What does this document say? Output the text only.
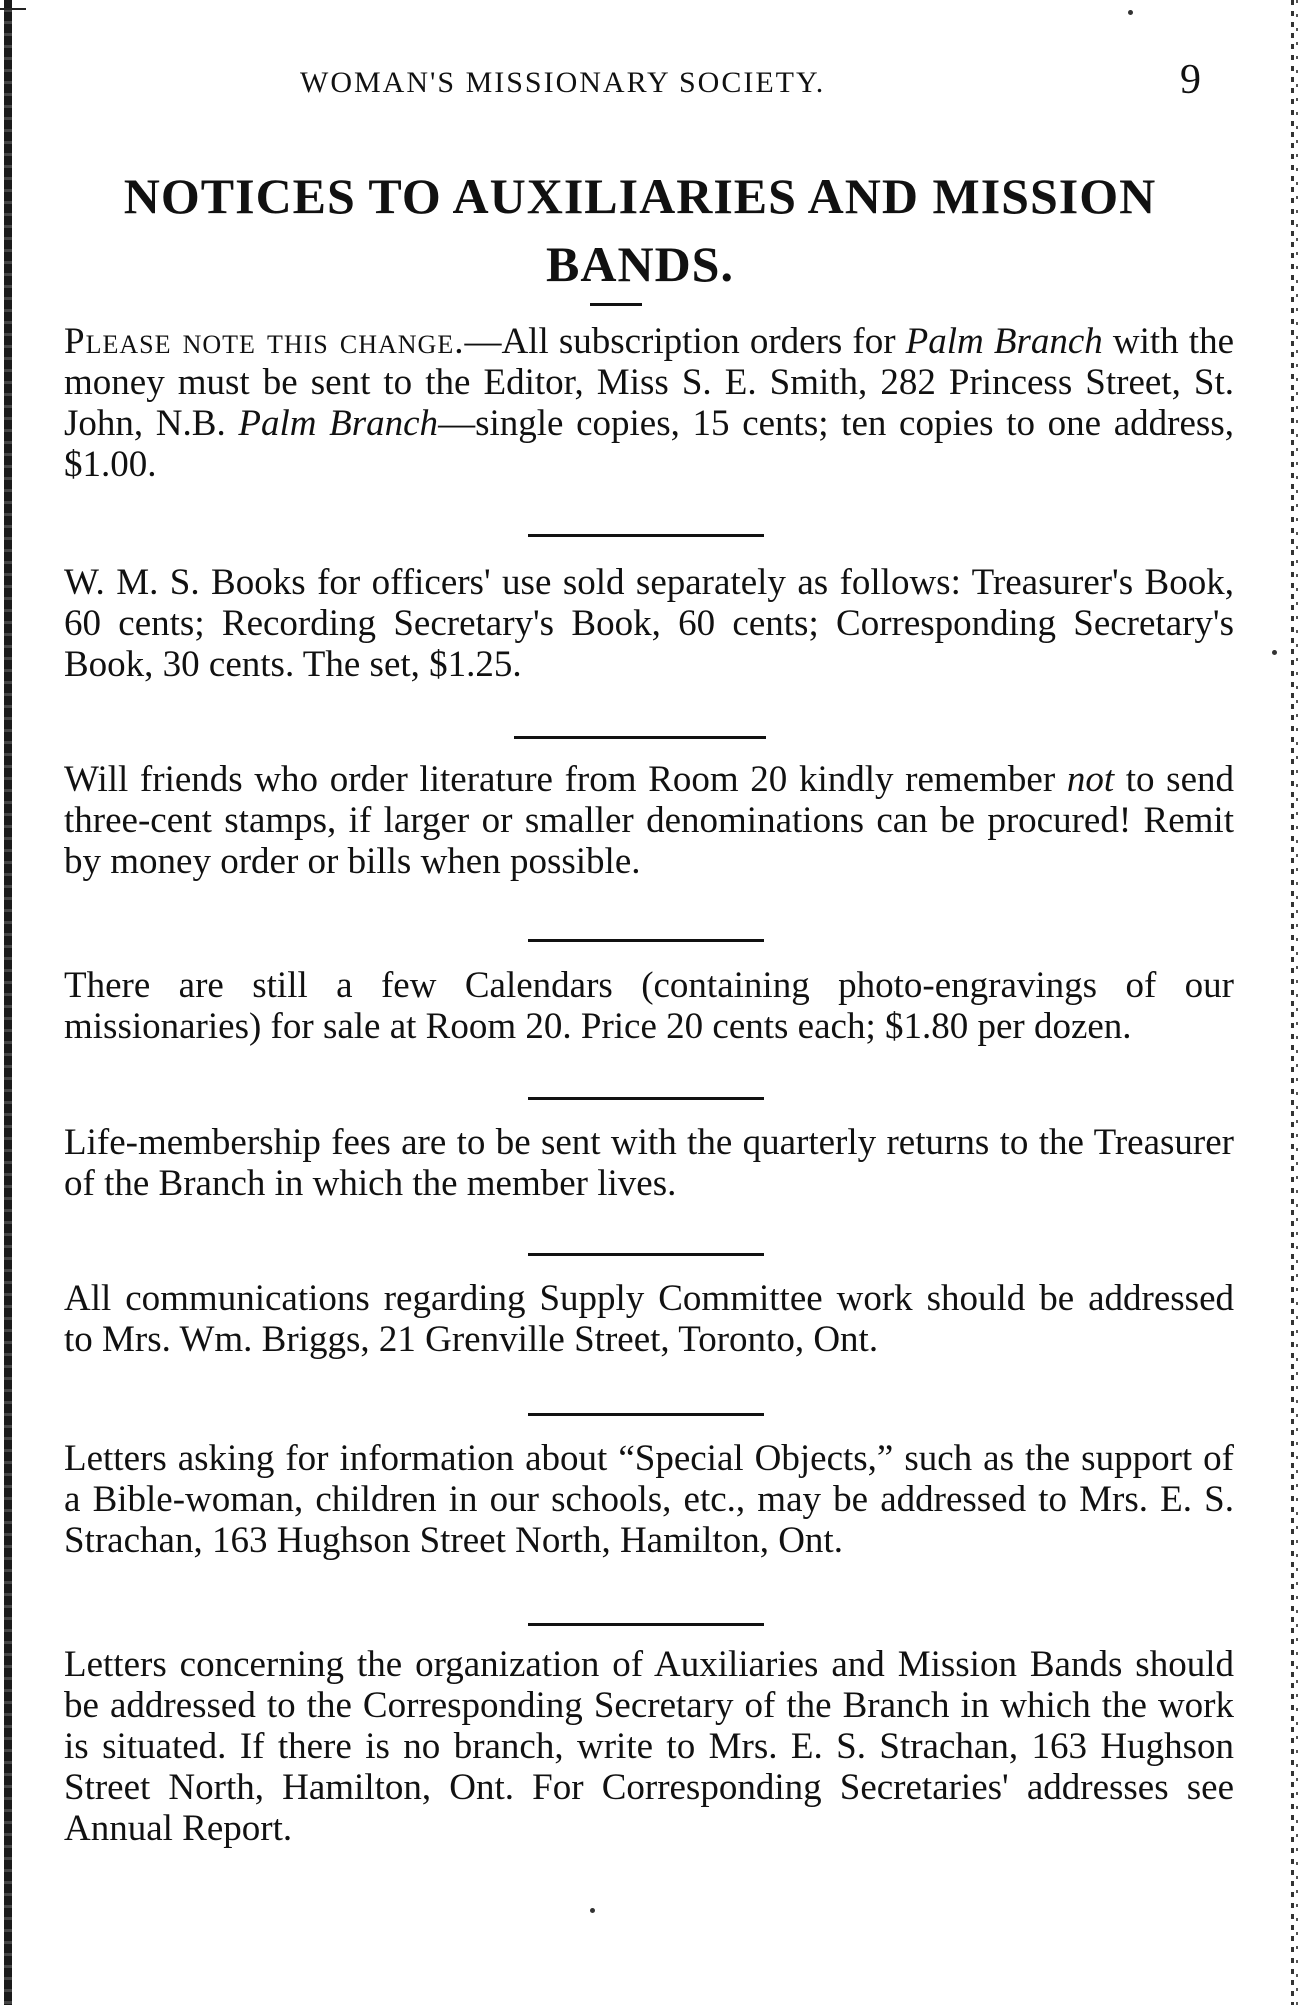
WOMAN'S MISSIONARY SOCIETY.	9
NOTICES TO AUXILIARIES AND MISSION BANDS.
Please note this change.—All subscription orders for Palm Branch with the money must be sent to the Editor, Miss S. E. Smith, 282 Princess Street, St. John, N.B. Palm Branch—single copies, 15 cents; ten copies to one address, $1.00.
W. M. S. Books for officers' use sold separately as follows: Treasurer's Book, 60 cents; Recording Secretary's Book, 60 cents; Corresponding Secretary's Book, 30 cents. The set, $1.25.
Will friends who order literature from Room 20 kindly remember not to send three-cent stamps, if larger or smaller denominations can be procured! Remit by money order or bills when possible.
There are still a few Calendars (containing photo-engravings of our missionaries) for sale at Room 20. Price 20 cents each; $1.80 per dozen.
Life-membership fees are to be sent with the quarterly returns to the Treasurer of the Branch in which the member lives.
All communications regarding Supply Committee work should be addressed to Mrs. Wm. Briggs, 21 Grenville Street, Toronto, Ont.
Letters asking for information about “Special Objects,” such as the support of a Bible-woman, children in our schools, etc., may be addressed to Mrs. E. S. Strachan, 163 Hughson Street North, Hamilton, Ont.
Letters concerning the organization of Auxiliaries and Mission Bands should be addressed to the Corresponding Secretary of the Branch in which the work is situated. If there is no branch, write to Mrs. E. S. Strachan, 163 Hughson Street North, Hamilton, Ont. For Corresponding Secretaries' addresses see Annual Report.
